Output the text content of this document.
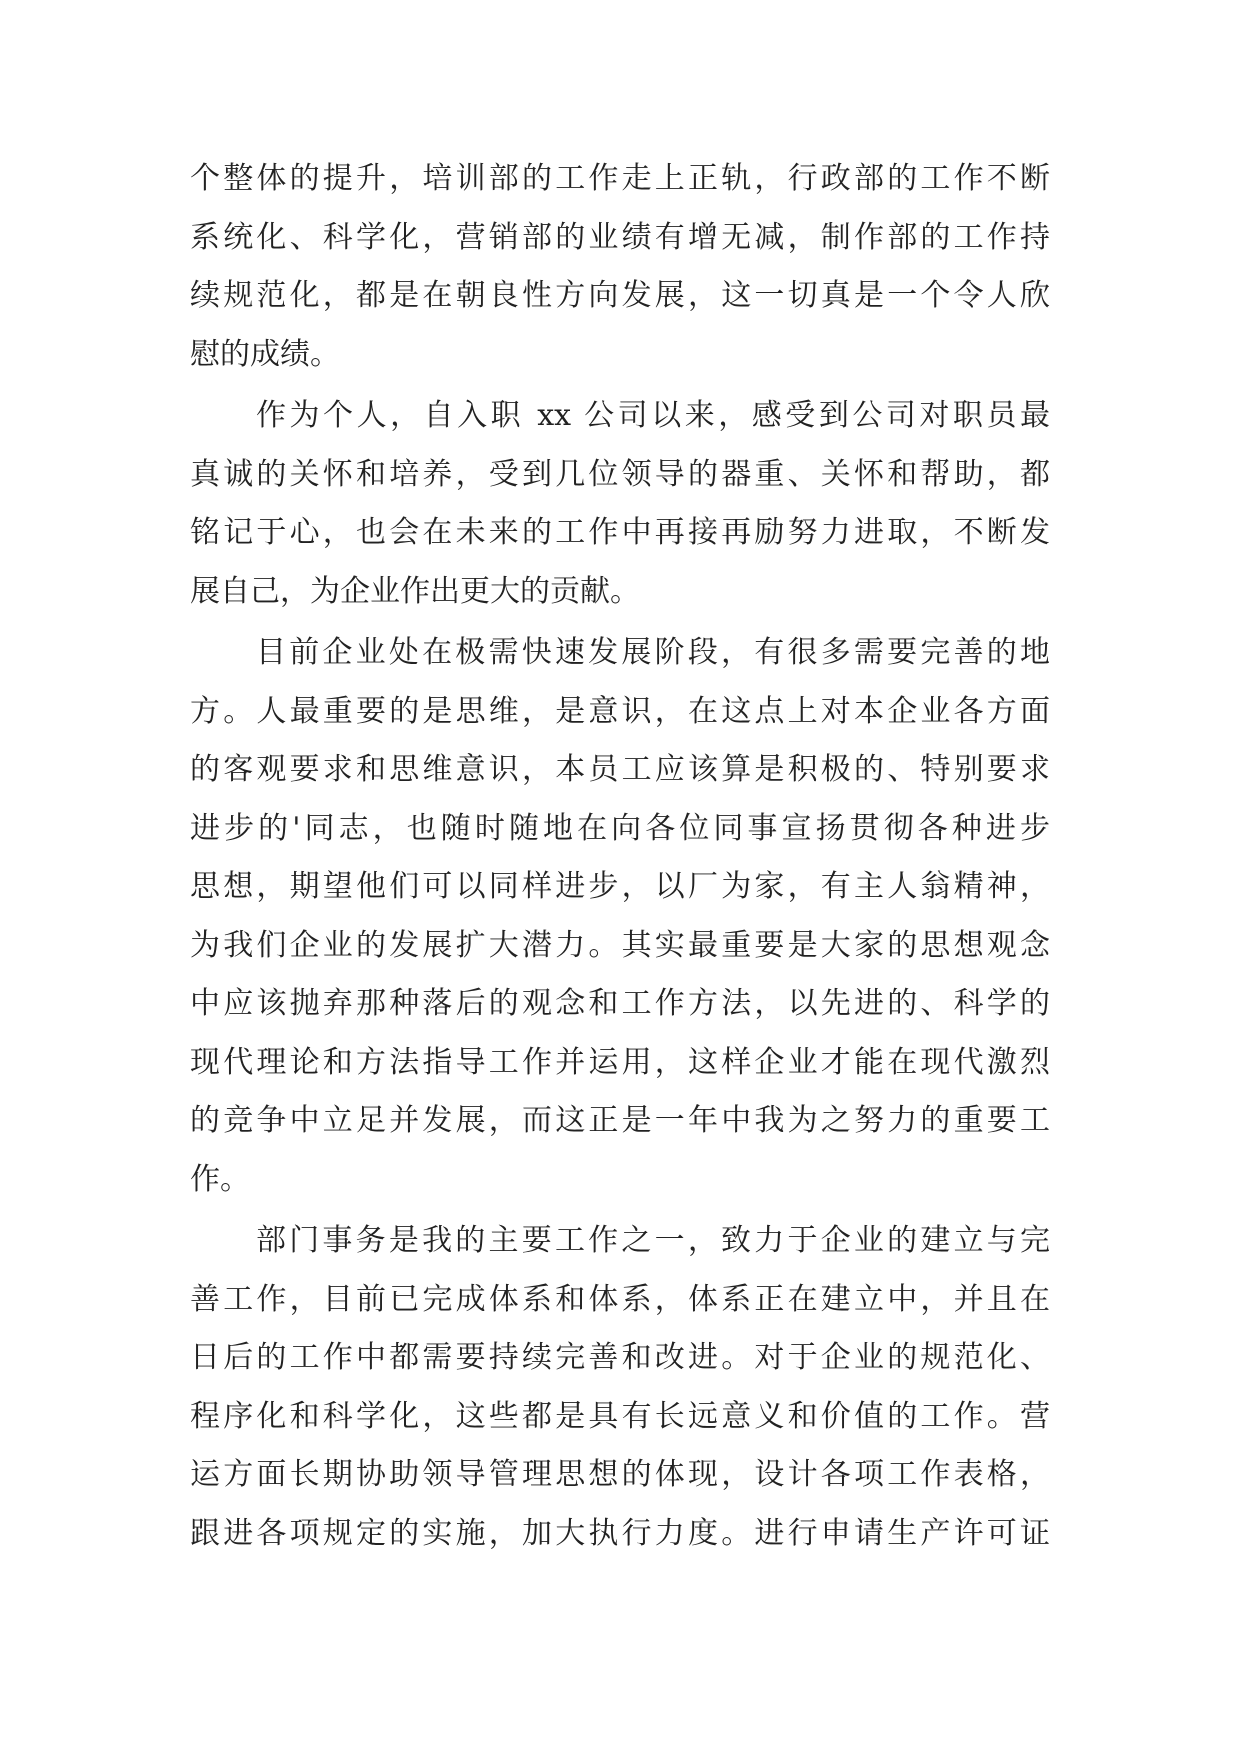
个整体的提升，培训部的工作走上正轨，行政部的工作不断
系统化、科学化，营销部的业绩有增无减，制作部的工作持
续规范化，都是在朝良性方向发展，这一切真是一个令人欣
慰的成绩。
作为个人，自入职 xx 公司以来，感受到公司对职员最
真诚的关怀和培养，受到几位领导的器重、关怀和帮助，都
铭记于心，也会在未来的工作中再接再励努力进取，不断发
展自己，为企业作出更大的贡献。
目前企业处在极需快速发展阶段，有很多需要完善的地
方。人最重要的是思维，是意识，在这点上对本企业各方面
的客观要求和思维意识，本员工应该算是积极的、特别要求
进步的'同志，也随时随地在向各位同事宣扬贯彻各种进步
思想，期望他们可以同样进步，以厂为家，有主人翁精神，
为我们企业的发展扩大潜力。其实最重要是大家的思想观念
中应该抛弃那种落后的观念和工作方法，以先进的、科学的
现代理论和方法指导工作并运用，这样企业才能在现代激烈
的竞争中立足并发展，而这正是一年中我为之努力的重要工
作。
部门事务是我的主要工作之一，致力于企业的建立与完
善工作，目前已完成体系和体系，体系正在建立中，并且在
日后的工作中都需要持续完善和改进。对于企业的规范化、
程序化和科学化，这些都是具有长远意义和价值的工作。营
运方面长期协助领导管理思想的体现，设计各项工作表格，
跟进各项规定的实施，加大执行力度。进行申请生产许可证
